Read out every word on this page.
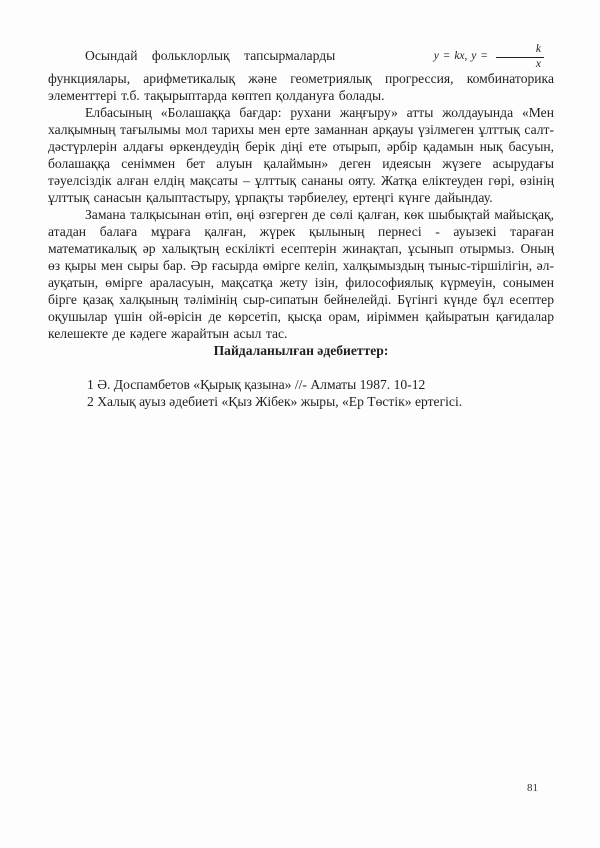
Осындай фольклорлық тапсырмаларды	y = kx, $y = \frac{k}{x}$
функциялары, арифметикалық және геометриялық прогрессия, комбинаторика элементтері т.б. тақырыптарда көптеп қолдануға болады.

Елбасының «Болашаққа бағдар: рухани жаңғыру» атты жолдауында «Мен халқымның тағылымы мол тарихы мен ерте заманнан арқауы үзілмеген ұлттық салт-дәстүрлерін алдағы өркендеудің берік діңі ете отырып, әрбір қадамын нық басуын, болашаққа сеніммен бет алуын қалаймын» деген идеясын жүзеге асырудағы тәуелсіздік алған елдің мақсаты – ұлттық сананы ояту. Жатқа еліктеуден гөрі, өзінің ұлттық санасын қалыптастыру, ұрпақты тәрбиелеу, ертеңгі күнге дайындау.

Замана талқысынан өтіп, өңі өзгерген де сөлі қалған, көк шыбықтай майысқақ, атадан балаға мұраға қалған, жүрек қылының пернесі - ауызекі тараған математикалық әр халықтың ескілікті есептерін жинақтап, ұсынып отырмыз. Оның өз қыры мен сыры бар. Әр ғасырда өмірге келіп, халқымыздың тыныс-тіршілігін, әл-ауқатын, өмірге араласуын, мақсатқа жету ізін, философиялық күрмеуін, сонымен бірге қазақ халқының тәлімінің сыр-сипатын бейнелейді. Бүгінгі күнде бұл есептер оқушылар үшін ой-өрісін де көрсетіп, қысқа орам, иіріммен қайыратын қағидалар келешекте де кәдеге жарайтын асыл тас.

Пайдаланылған әдебиеттер:

1 Ә. Доспамбетов «Қырық қазына» //- Алматы 1987. 10-12

2 Халық ауыз әдебиеті «Қыз Жібек» жыры, «Ер Төстік» ертегісі.

81
